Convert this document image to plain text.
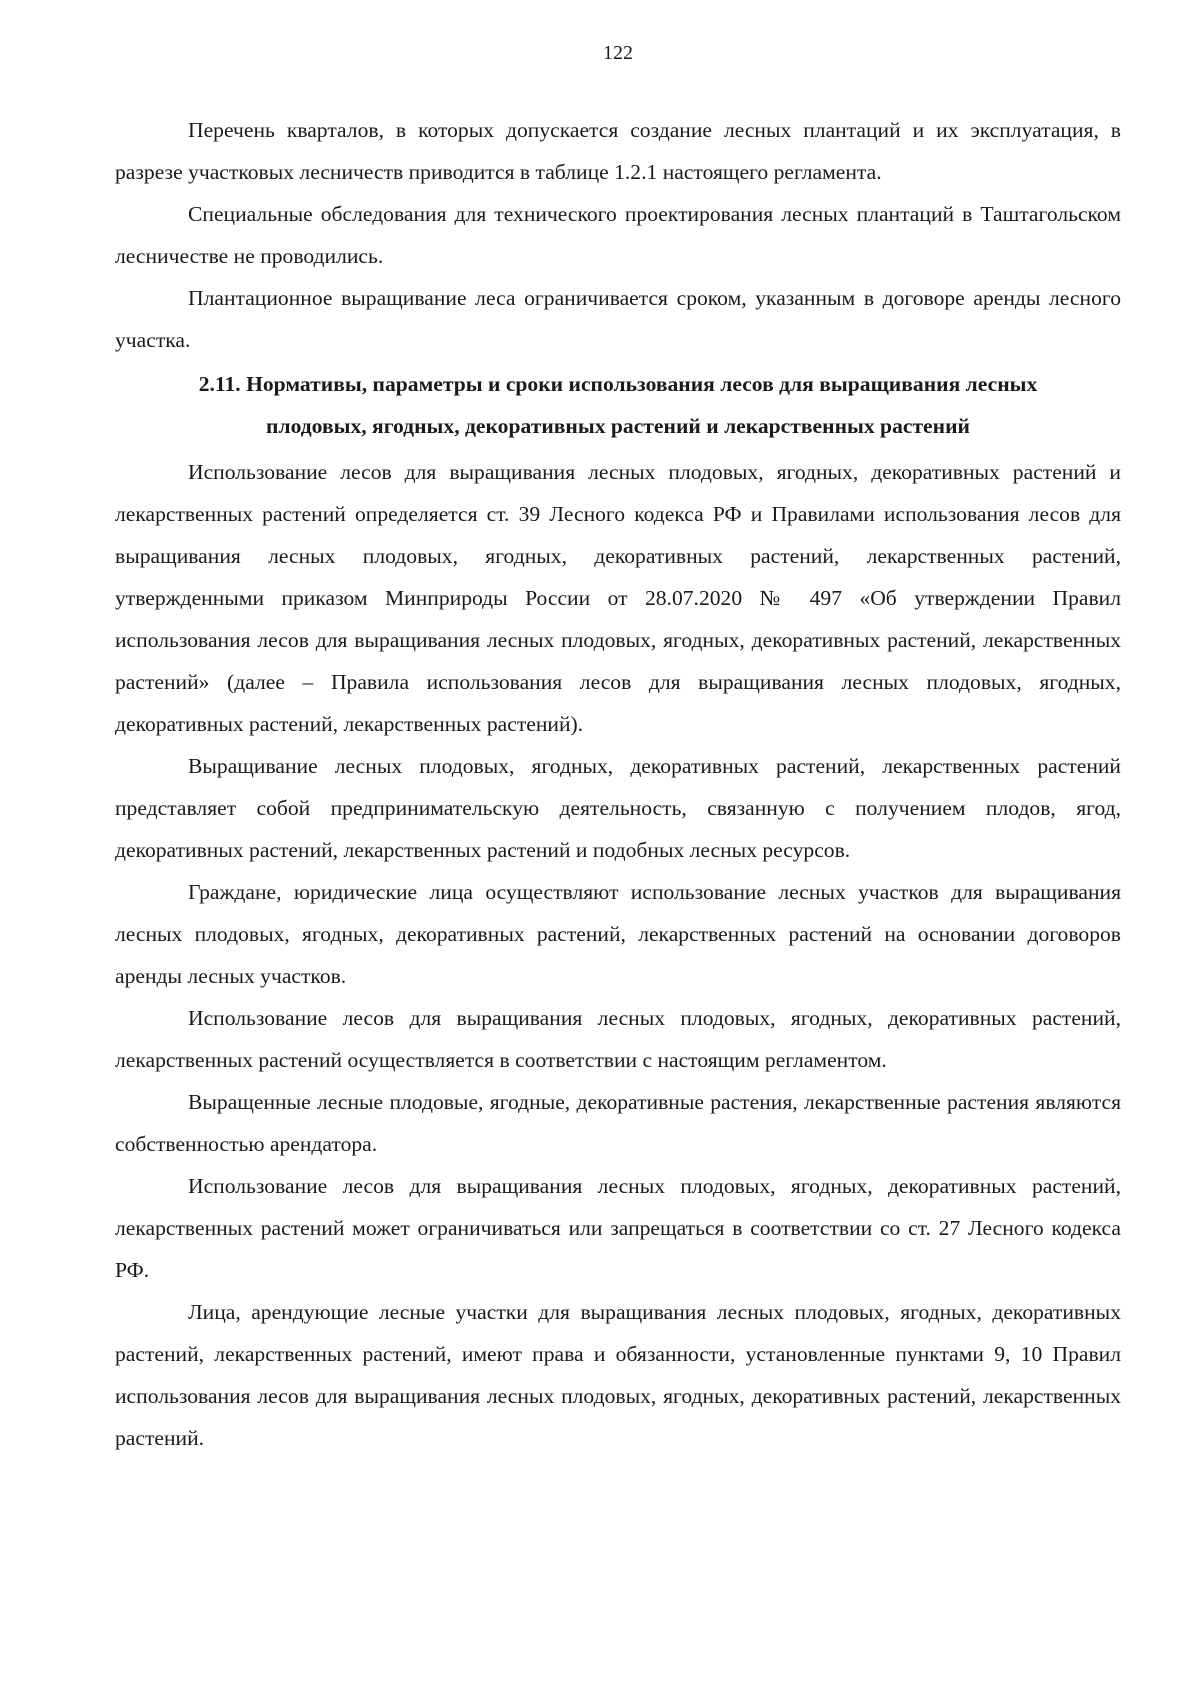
122

Перечень кварталов, в которых допускается создание лесных плантаций и их эксплуатация, в разрезе участковых лесничеств приводится в таблице 1.2.1 настоящего регламента.

Специальные обследования для технического проектирования лесных плантаций в Таштагольском лесничестве не проводились.

Плантационное выращивание леса ограничивается сроком, указанным в договоре аренды лесного участка.

2.11. Нормативы, параметры и сроки использования лесов для выращивания лесных
плодовых, ягодных, декоративных растений и лекарственных растений

Использование лесов для выращивания лесных плодовых, ягодных, декоративных растений и лекарственных растений определяется ст. 39 Лесного кодекса РФ и Правилами использования лесов для выращивания лесных плодовых, ягодных, декоративных растений, лекарственных растений, утвержденными приказом Минприроды России от 28.07.2020 № 497 «Об утверждении Правил использования лесов для выращивания лесных плодовых, ягодных, декоративных растений, лекарственных растений» (далее – Правила использования лесов для выращивания лесных плодовых, ягодных, декоративных растений, лекарственных растений).

Выращивание лесных плодовых, ягодных, декоративных растений, лекарственных растений представляет собой предпринимательскую деятельность, связанную с получением плодов, ягод, декоративных растений, лекарственных растений и подобных лесных ресурсов.

Граждане, юридические лица осуществляют использование лесных участков для выращивания лесных плодовых, ягодных, декоративных растений, лекарственных растений на основании договоров аренды лесных участков.

Использование лесов для выращивания лесных плодовых, ягодных, декоративных растений, лекарственных растений осуществляется в соответствии с настоящим регламентом.

Выращенные лесные плодовые, ягодные, декоративные растения, лекарственные растения являются собственностью арендатора.

Использование лесов для выращивания лесных плодовых, ягодных, декоративных растений, лекарственных растений может ограничиваться или запрещаться в соответствии со ст. 27 Лесного кодекса РФ.

Лица, арендующие лесные участки для выращивания лесных плодовых, ягодных, декоративных растений, лекарственных растений, имеют права и обязанности, установленные пунктами 9, 10 Правил использования лесов для выращивания лесных плодовых, ягодных, декоративных растений, лекарственных растений.
